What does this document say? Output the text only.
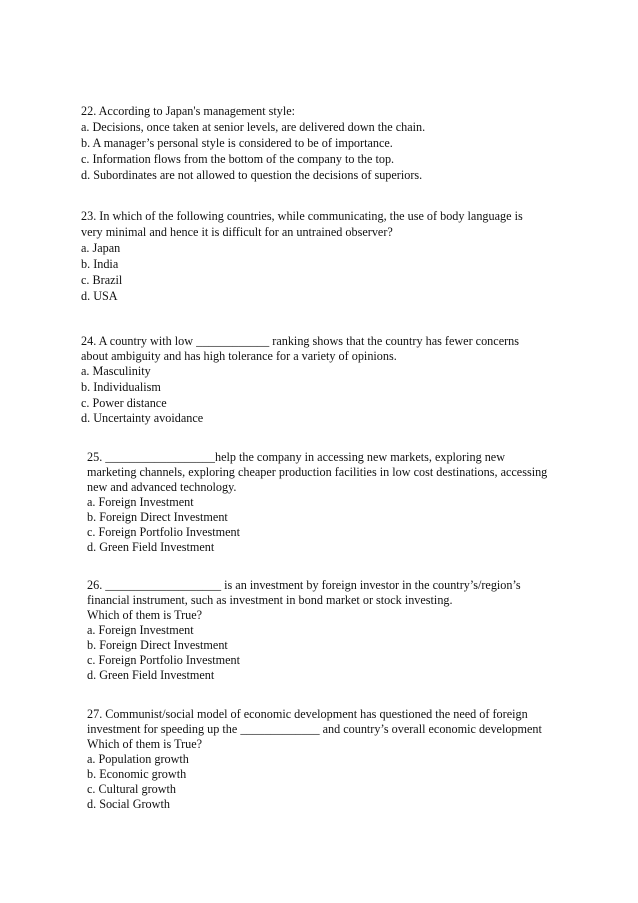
22. According to Japan's management style:
a. Decisions, once taken at senior levels, are delivered down the chain.
b. A manager’s personal style is considered to be of importance.
c. Information flows from the bottom of the company to the top.
d. Subordinates are not allowed to question the decisions of superiors.
23. In which of the following countries, while communicating, the use of body language is
very minimal and hence it is difficult for an untrained observer?
a. Japan
b. India
c. Brazil
d. USA
24. A country with low ____________ ranking shows that the country has fewer concerns
about ambiguity and has high tolerance for a variety of opinions.
a. Masculinity
b. Individualism
c. Power distance
d. Uncertainty avoidance
25. __________________help the company in accessing new markets, exploring new
marketing channels, exploring cheaper production facilities in low cost destinations, accessing
new and advanced technology.
a. Foreign Investment
b. Foreign Direct Investment
c. Foreign Portfolio Investment
d. Green Field Investment
26. ___________________ is an investment by foreign investor in the country’s/region’s
financial instrument, such as investment in bond market or stock investing.
Which of them is True?
a. Foreign Investment
b. Foreign Direct Investment
c. Foreign Portfolio Investment
d. Green Field Investment
27. Communist/social model of economic development has questioned the need of foreign
investment for speeding up the _____________ and country’s overall economic development
Which of them is True?
a. Population growth
b. Economic growth
c. Cultural growth
d. Social Growth
